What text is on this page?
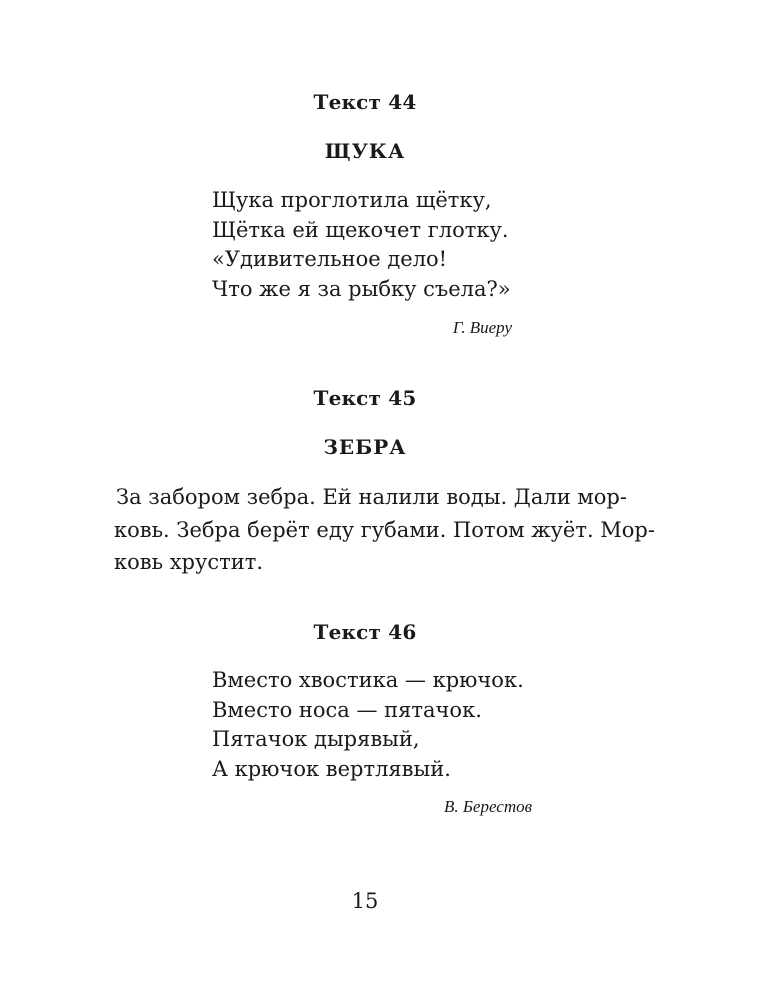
Текст 44
ЩУКА
Щука проглотила щётку,
Щётка ей щекочет глотку.
«Удивительное дело!
Что же я за рыбку съела?»
Г. Виеру
Текст 45
ЗЕБРА
За забором зебра. Ей налили воды. Дали мор-
ковь. Зебра берёт еду губами. Потом жуёт. Мор-
ковь хрустит.
Текст 46
Вместо хвостика — крючок.
Вместо носа — пятачок.
Пятачок дырявый,
А крючок вертлявый.
В. Берестов
15
